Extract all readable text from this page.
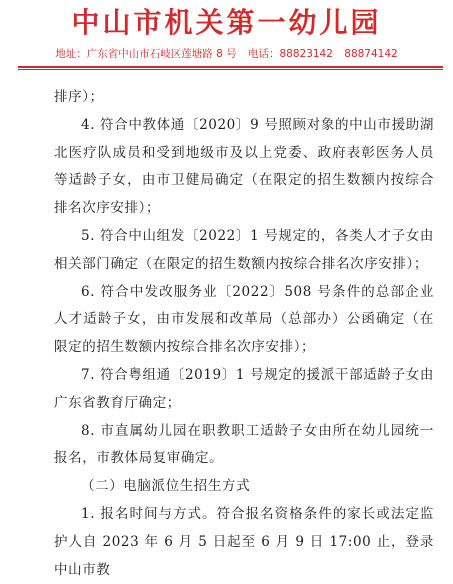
中山市机关第一幼儿园
地址：广东省中山市石岐区莲塘路 8 号 电话：88823142 88874142

排序）；

4. 符合中教体通〔2020〕9 号照顾对象的中山市援助湖北医疗队成员和受到地级市及以上党委、政府表彰医务人员等适龄子女，由市卫健局确定（在限定的招生数额内按综合排名次序安排）；

5. 符合中山组发〔2022〕1 号规定的，各类人才子女由相关部门确定（在限定的招生数额内按综合排名次序安排）；

6. 符合中发改服务业〔2022〕508 号条件的总部企业人才适龄子女，由市发展和改革局（总部办）公函确定（在限定的招生数额内按综合排名次序安排）；

7. 符合粤组通〔2019〕1 号规定的援派干部适龄子女由广东省教育厅确定；

8. 市直属幼儿园在职教职工适龄子女由所在幼儿园统一报名，市教体局复审确定。

（二）电脑派位生招生方式

1. 报名时间与方式。符合报名资格条件的家长或法定监护人自 2023 年 6 月 5 日起至 6 月 9 日 17:00 止，登录中山市教
